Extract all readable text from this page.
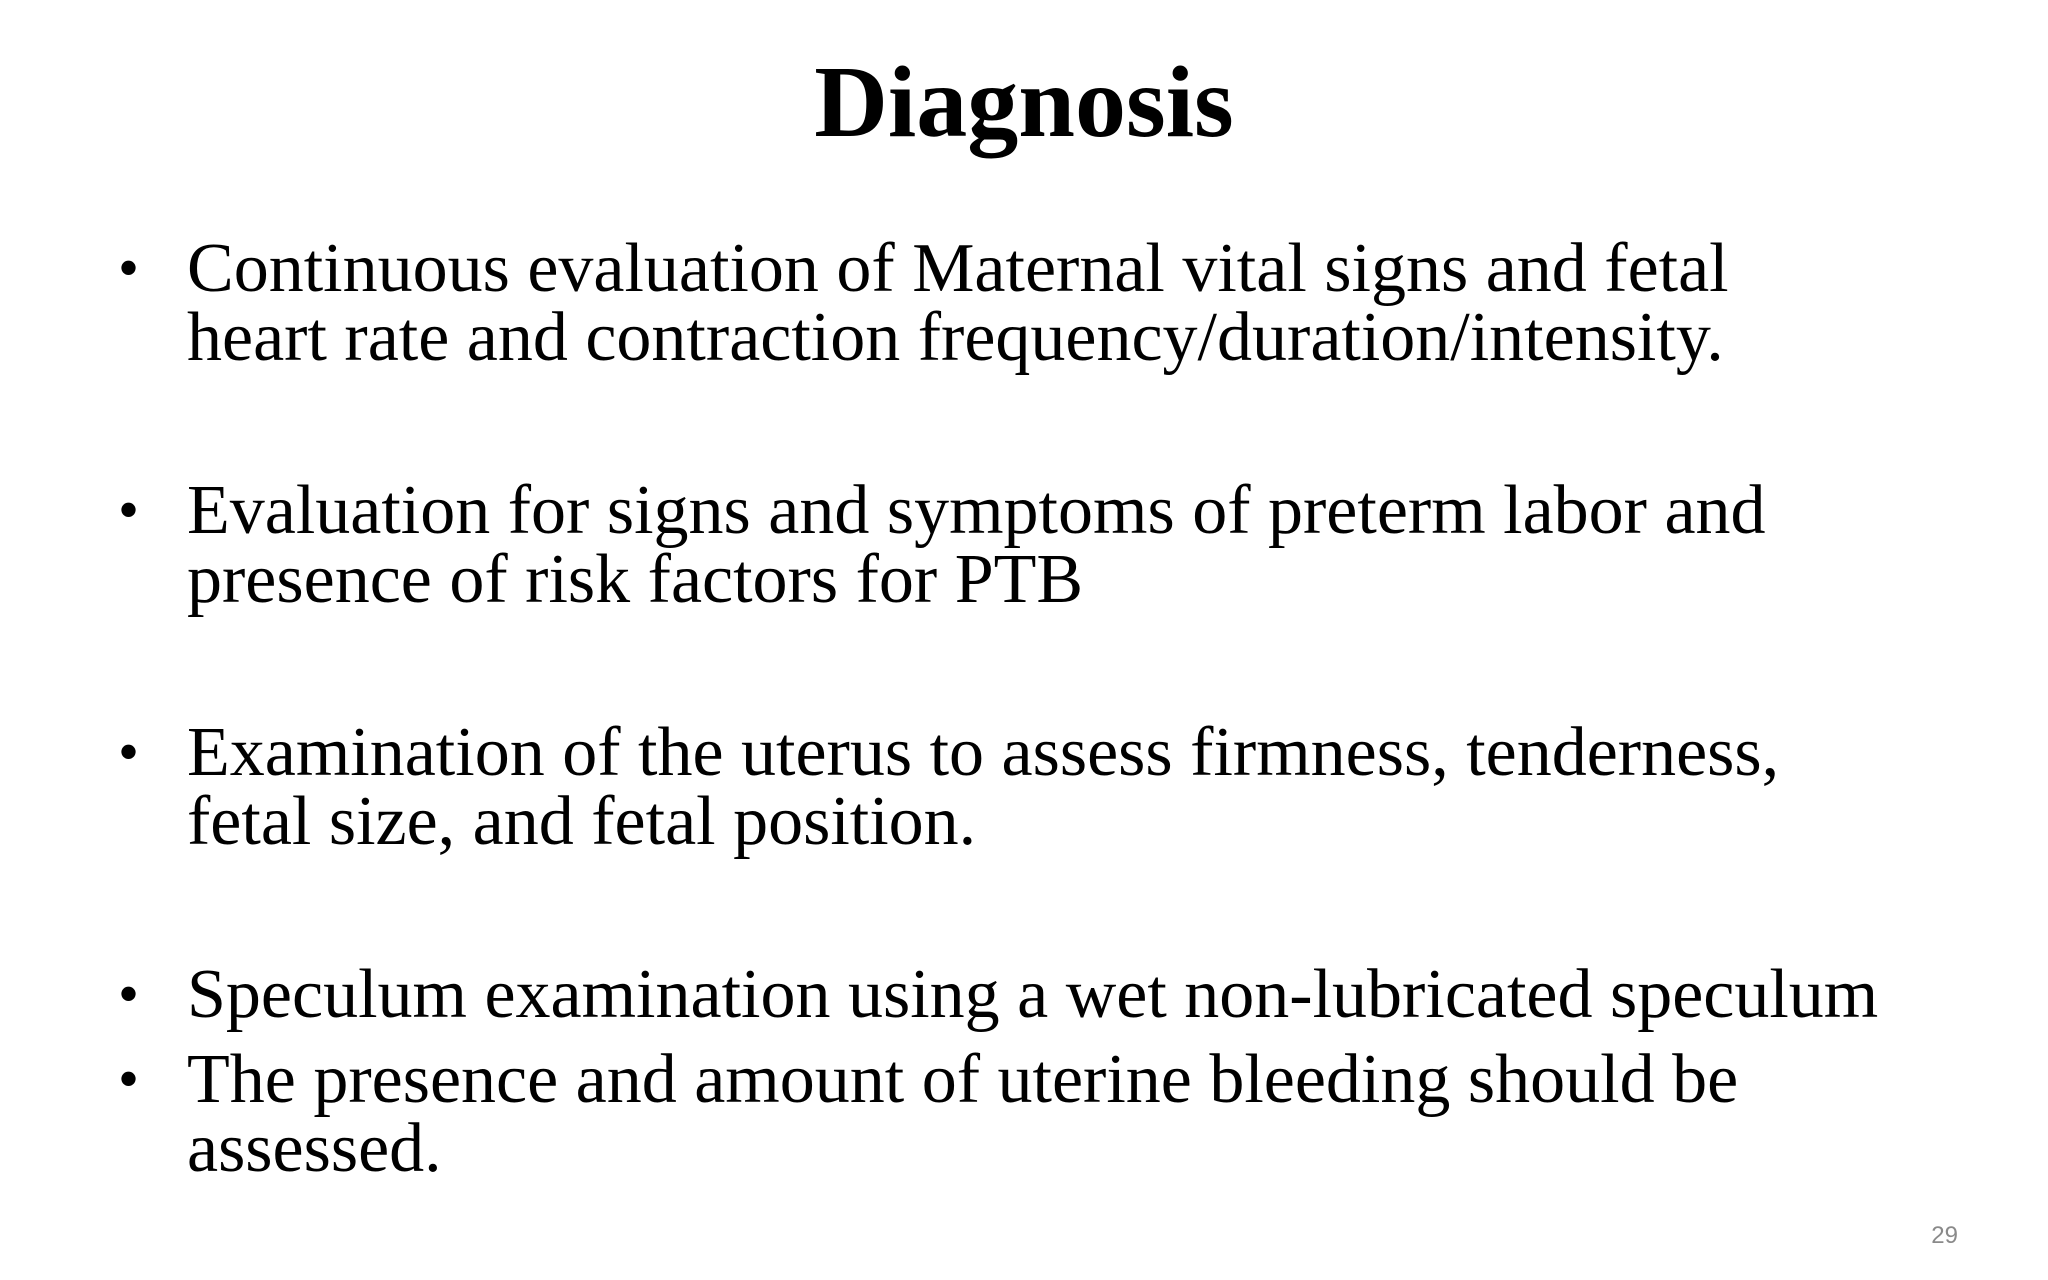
Diagnosis
• Continuous evaluation of Maternal vital signs and fetal
heart rate and contraction frequency/duration/intensity.
• Evaluation for signs and symptoms of preterm labor and
presence of risk factors for PTB
• Examination of the uterus to assess firmness, tenderness,
fetal size, and fetal position.
• Speculum examination using a wet non-lubricated speculum
• The presence and amount of uterine bleeding should be
assessed.
29
